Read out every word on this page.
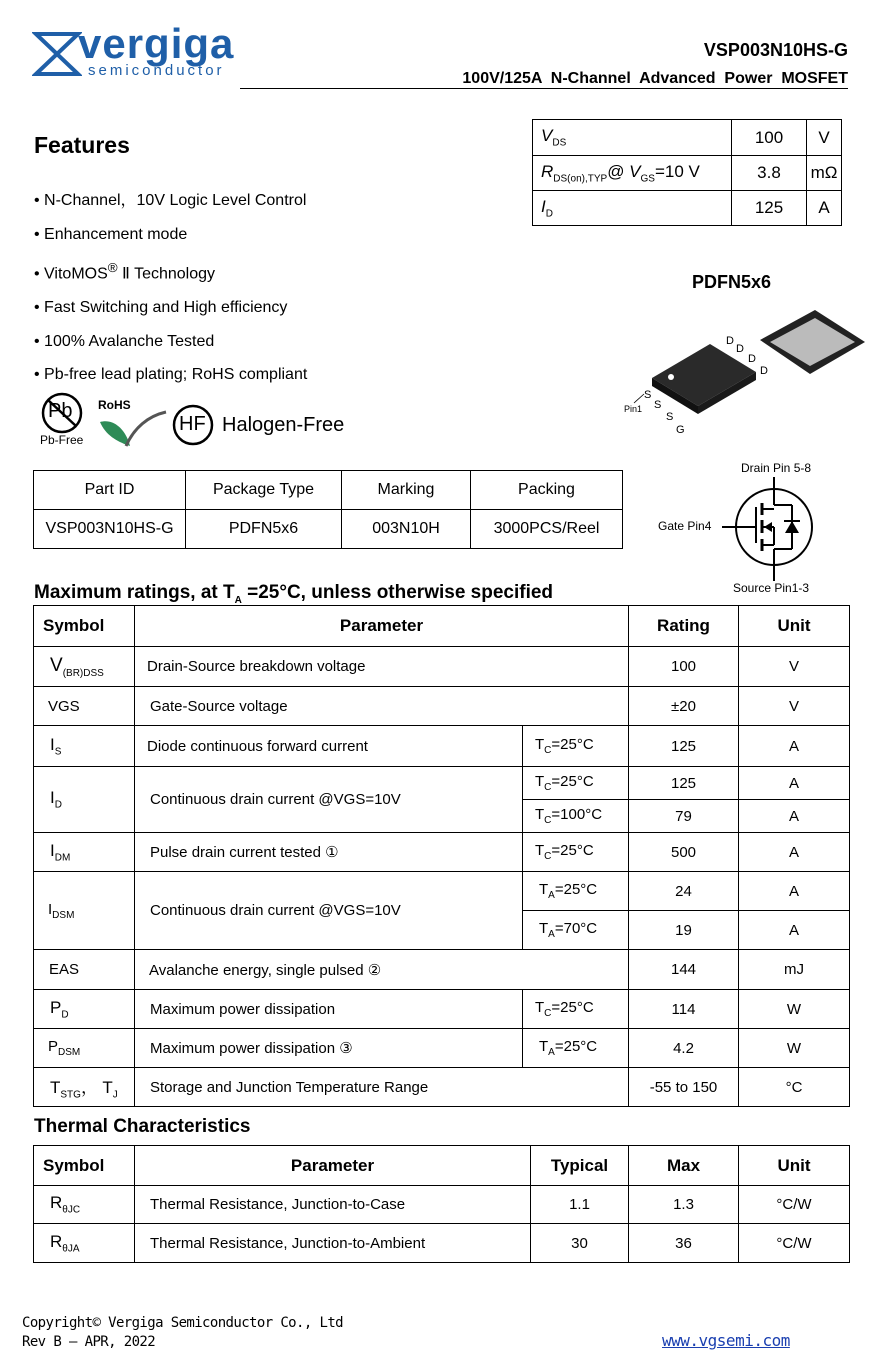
vergiga
semiconductor
VSP003N10HS-G
100V/125A  N-Channel  Advanced  Power  MOSFET
$V_{DS}$	100	V
$R_{DS(on),TYP}@$ $V_{GS}=10$ V	3.8	mΩ
$I_D$	125	A
Features
• N-Channel，10V Logic Level Control
• Enhancement mode
• VitoMOS® Ⅱ Technology
• Fast Switching and High efficiency
• 100% Avalanche Tested
• Pb-free lead plating; RoHS compliant
Pb
Pb-Free
RoHS
HF Halogen-Free
PDFN5x6
D
D
D
D
S
S
S
G
Pin1
Part ID	Package Type	Marking	Packing
VSP003N10HS-G	PDFN5x6	003N10H	3000PCS/Reel
Drain Pin 5-8
Gate Pin4
Source Pin1-3
Maximum ratings, at $T_A =25^\circ C$, unless otherwise specified
Symbol	Parameter		Rating	Unit
$V_{(BR)DSS}$	Drain-Source breakdown voltage		100	V
VGS	Gate-Source voltage		±20	V
$I_S$	Diode continuous forward current	$T_C=25^\circ C$	125	A
$I_D$	Continuous drain current @VGS=10V	$T_C=25^\circ C$	125	A
		$T_C=100^\circ C$	79	A
$I_{DM}$	Pulse drain current tested ①	$T_C=25^\circ C$	500	A
$I_{DSM}$	Continuous drain current @VGS=10V	$T_A=25^\circ C$	24	A
		$T_A=70^\circ C$	19	A
EAS	Avalanche energy, single pulsed ②		144	mJ
$P_D$	Maximum power dissipation	$T_C=25^\circ C$	114	W
$P_{DSM}$	Maximum power dissipation ③	$T_A=25^\circ C$	4.2	W
$T_{STG}$， $T_J$	Storage and Junction Temperature Range		-55 to 150	°C
Thermal Characteristics
Symbol	Parameter	Typical	Max	Unit
$R_{\theta JC}$	Thermal Resistance, Junction-to-Case	1.1	1.3	°C/W
$R_{\theta JA}$	Thermal Resistance, Junction-to-Ambient	30	36	°C/W
Copyright© Vergiga Semiconductor Co., Ltd
Rev B – APR, 2022	www.vgsemi.com
